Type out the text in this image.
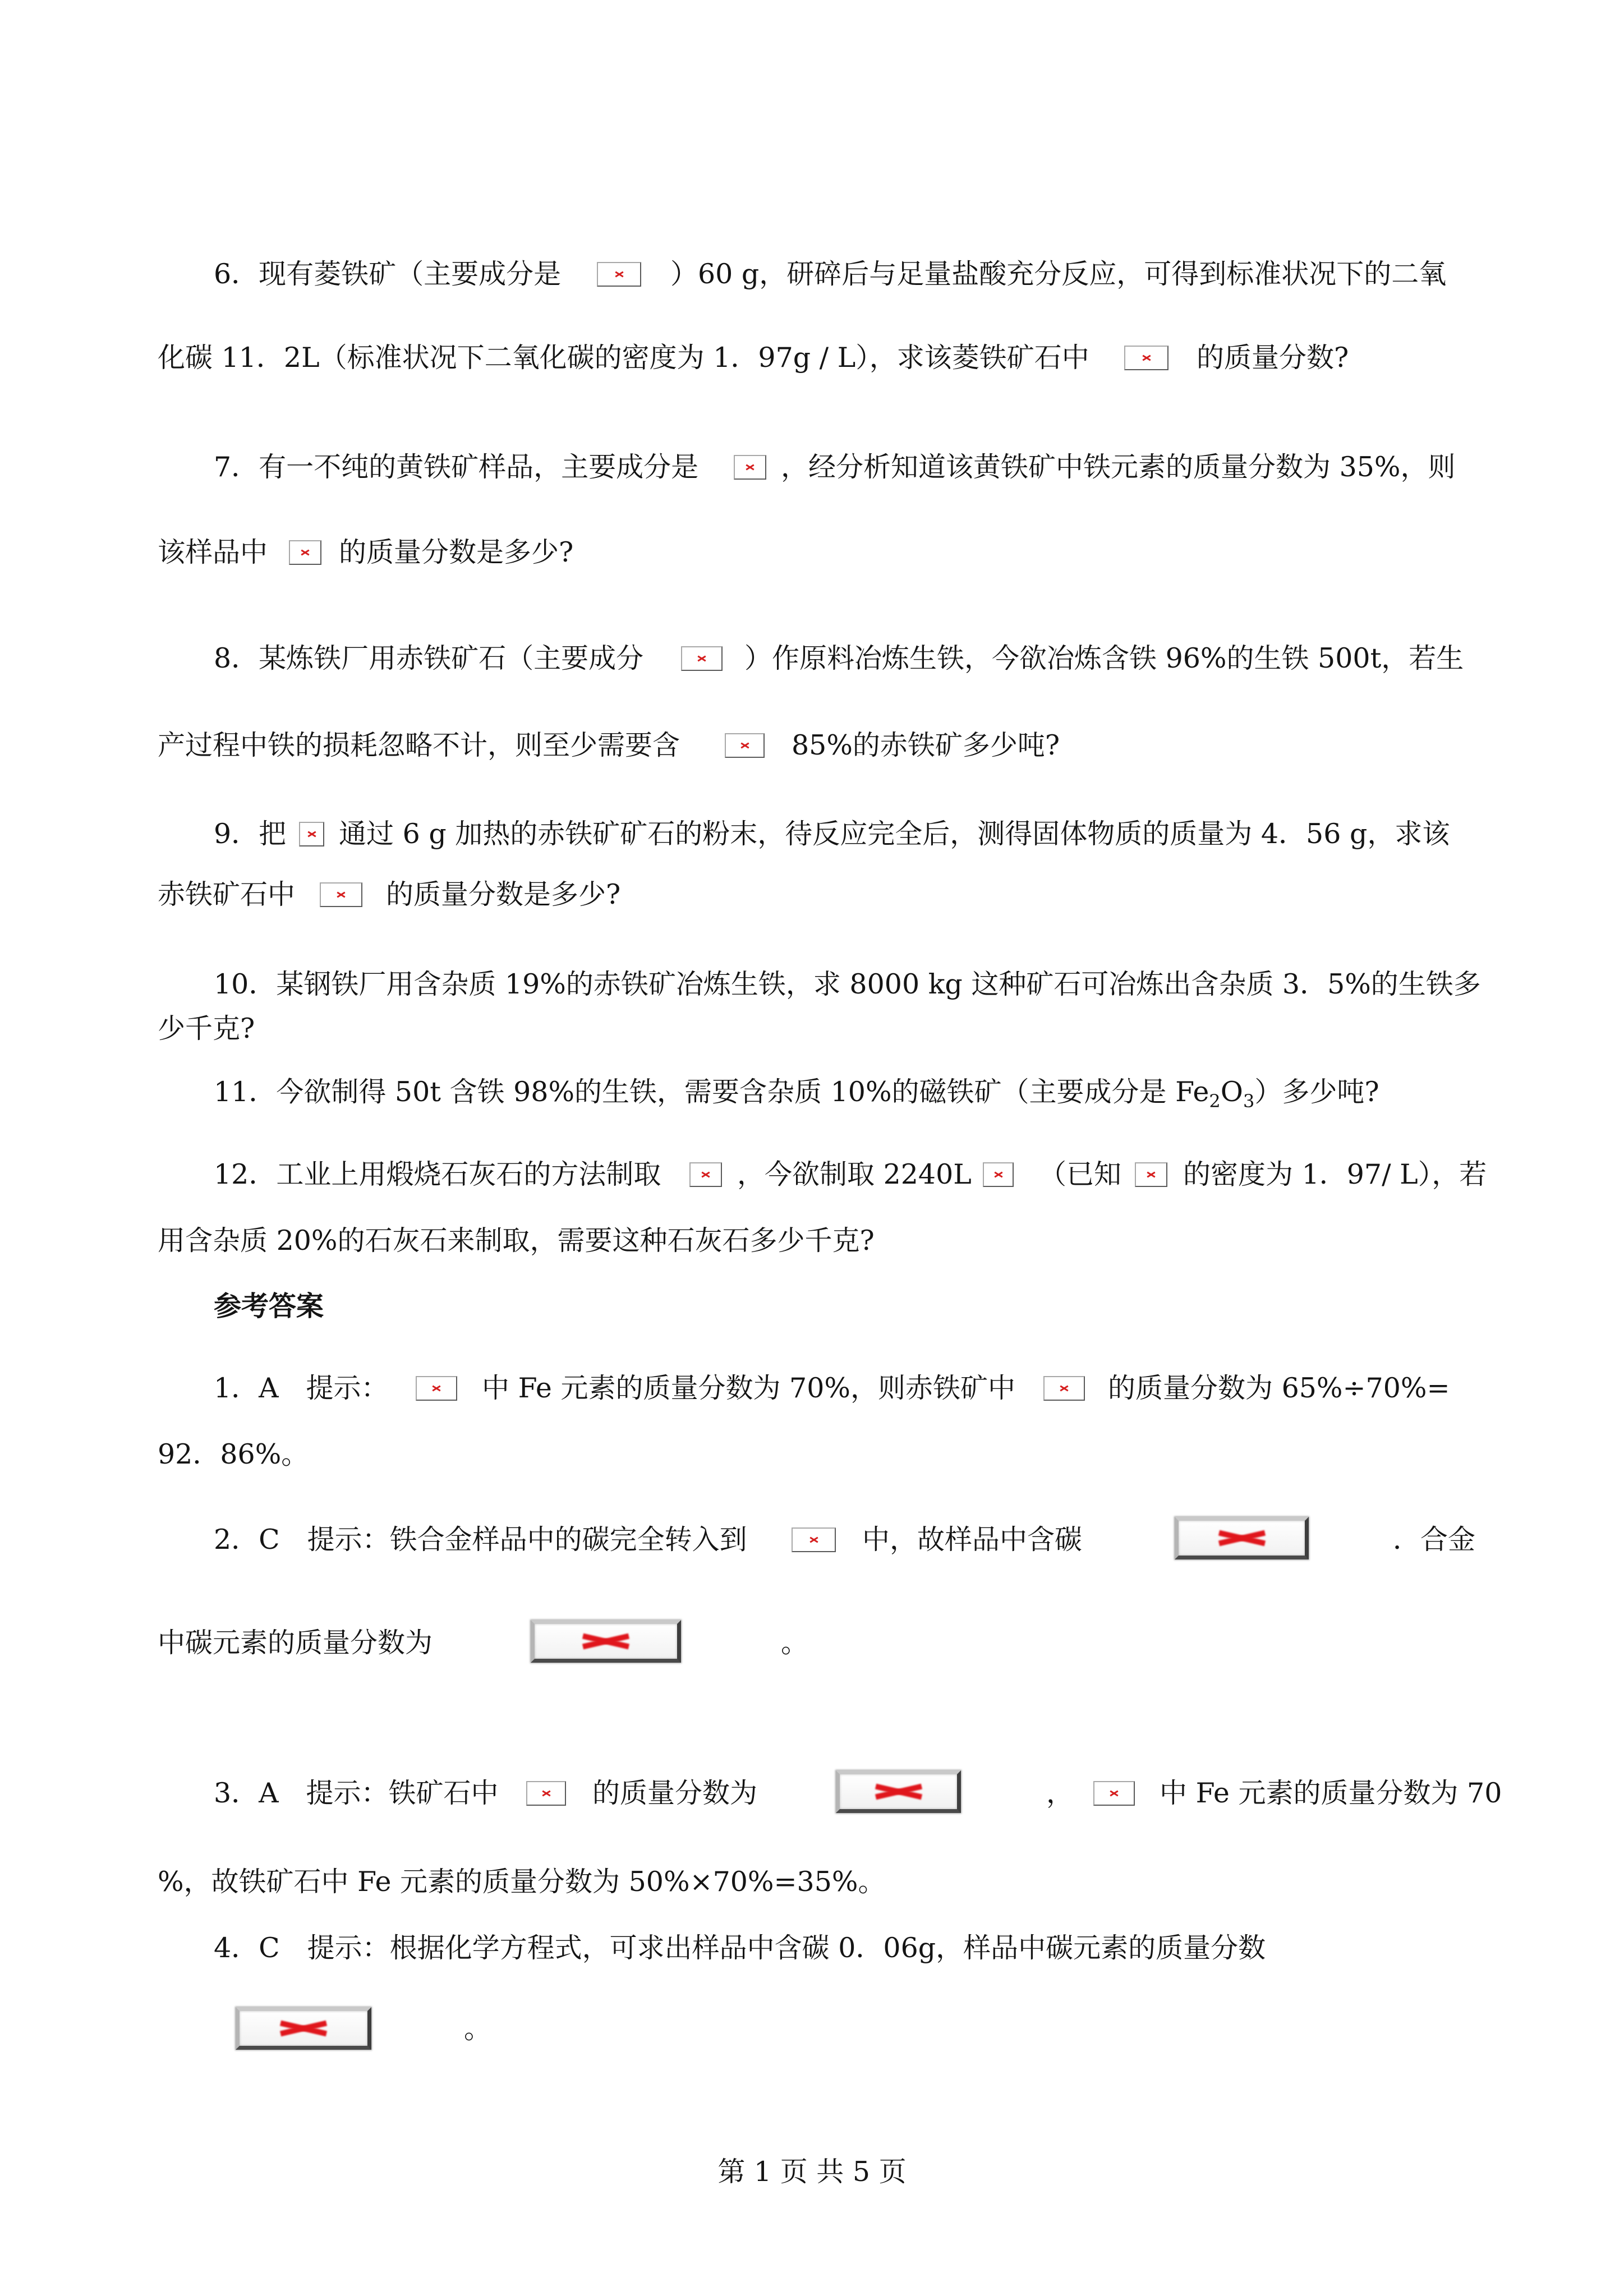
6．现有菱铁矿（主要成分是	）60 g，研碎后与足量盐酸充分反应，可得到标准状况下的二氧
化碳 11．2L（标准状况下二氧化碳的密度为 1．97g / L），求该菱铁矿石中	的质量分数?
7．有一不纯的黄铁矿样品，主要成分是	，经分析知道该黄铁矿中铁元素的质量分数为 35%，则
该样品中	的质量分数是多少?
8．某炼铁厂用赤铁矿石（主要成分	）作原料冶炼生铁，今欲冶炼含铁 96%的生铁 500t，若生
产过程中铁的损耗忽略不计，则至少需要含	85%的赤铁矿多少吨?
9．把 通过 6 g 加热的赤铁矿矿石的粉末，待反应完全后，测得固体物质的质量为 4．56 g，求该
赤铁矿石中	的质量分数是多少?
10．某钢铁厂用含杂质 19%的赤铁矿冶炼生铁，求 8000 kg 这种矿石可冶炼出含杂质 3．5%的生铁多
少千克?
11．今欲制得 50t 含铁 98%的生铁，需要含杂质 10%的磁铁矿（主要成分是 $Fe_2O_3$）多少吨?
12．工业上用煅烧石灰石的方法制取	，今欲制取 2240L （已知 的密度为 1．97/ L），若
用含杂质 20%的石灰石来制取，需要这种石灰石多少千克?
参考答案
1．A　提示：	中 Fe 元素的质量分数为 70%，则赤铁矿中	的质量分数为 65%÷70%=
92．86%。
2．C　提示：铁合金样品中的碳完全转入到	中，故样品中含碳	．合金
中碳元素的质量分数为	。
3．A　提示：铁矿石中	的质量分数为	，	中 Fe 元素的质量分数为 70
%，故铁矿石中 Fe 元素的质量分数为 50%×70%=35%。
4．C　提示：根据化学方程式，可求出样品中含碳 0．06g，样品中碳元素的质量分数
。
第 1 页 共 5 页
